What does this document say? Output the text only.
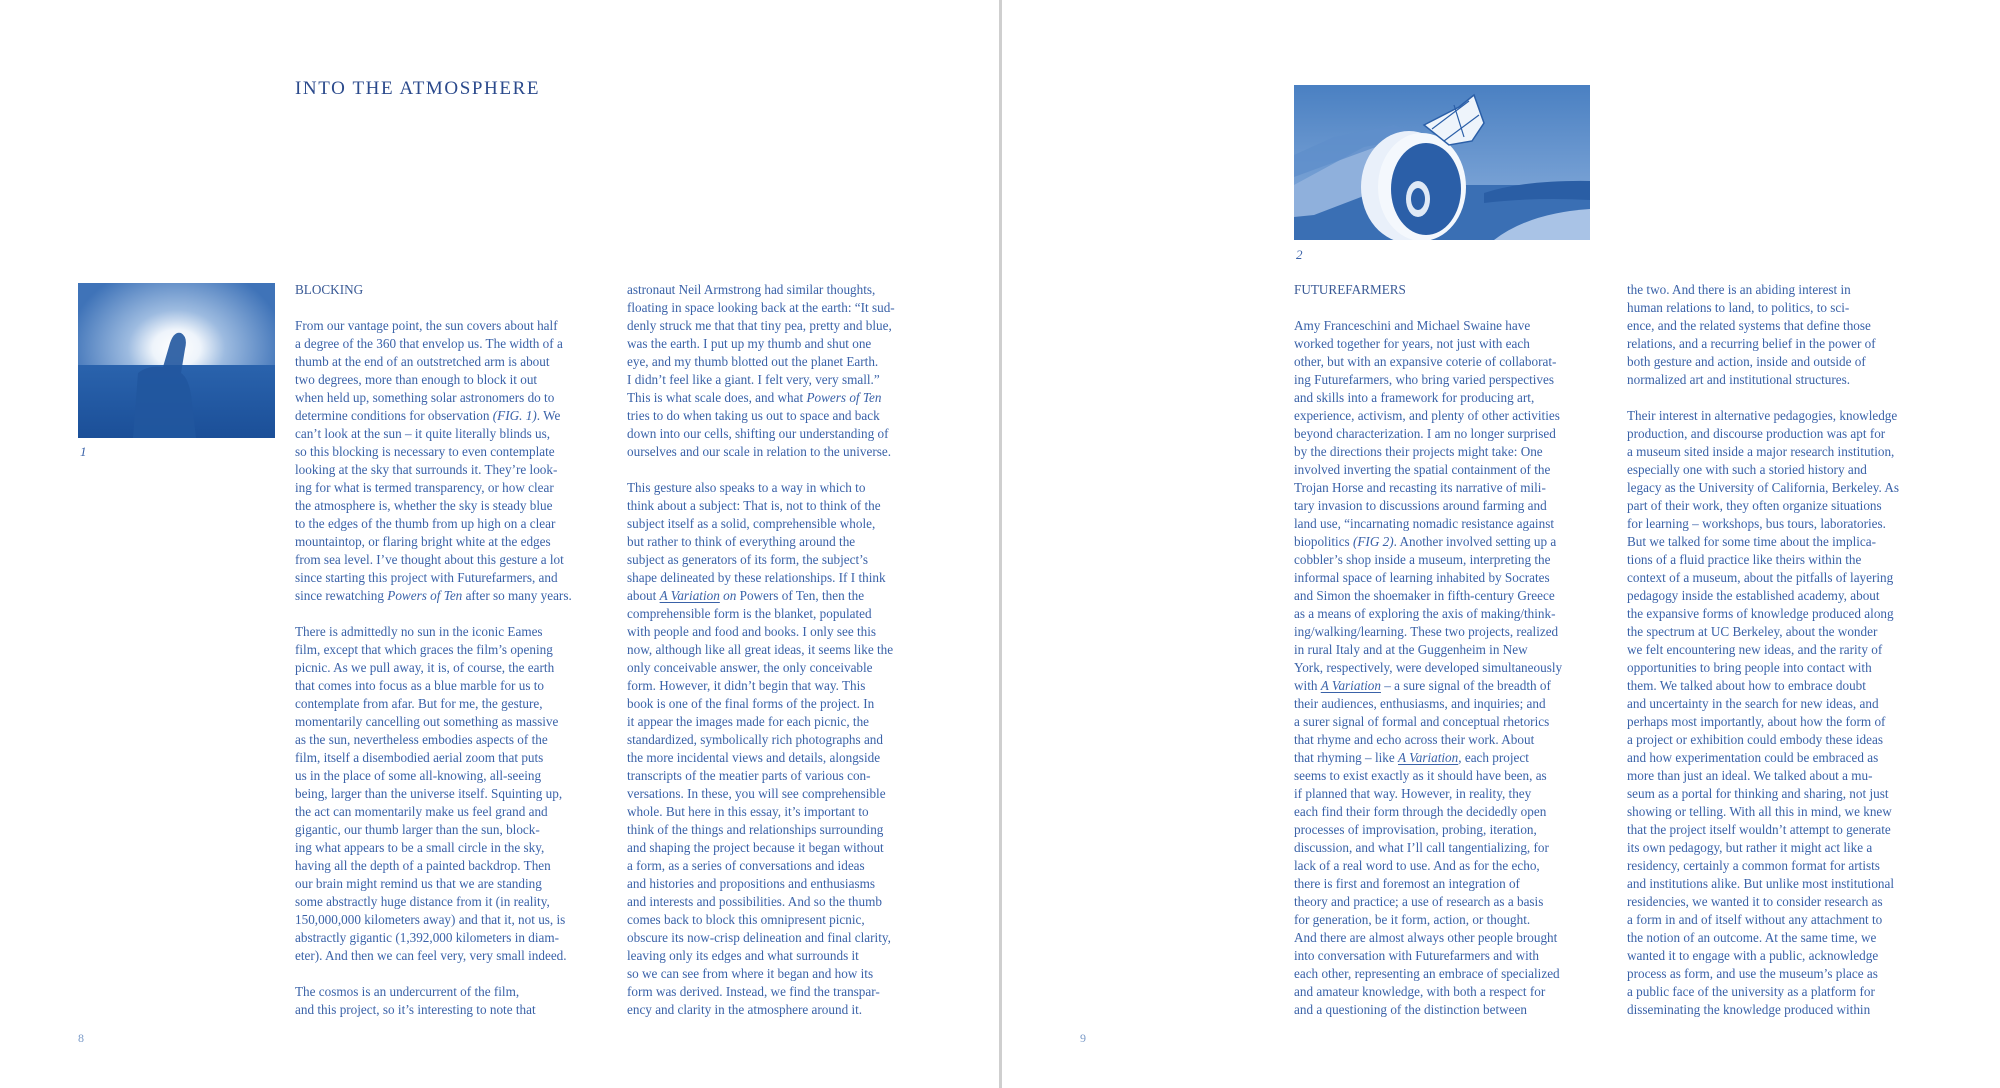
INTO THE ATMOSPHERE
1
BLOCKING

From our vantage point, the sun covers about half
a degree of the 360 that envelop us. The width of a
thumb at the end of an outstretched arm is about
two degrees, more than enough to block it out
when held up, something solar astronomers do to
determine conditions for observation (FIG. 1). We
can’t look at the sun – it quite literally blinds us,
so this blocking is necessary to even contemplate
looking at the sky that surrounds it. They’re look-
ing for what is termed transparency, or how clear
the atmosphere is, whether the sky is steady blue
to the edges of the thumb from up high on a clear
mountaintop, or flaring bright white at the edges
from sea level. I’ve thought about this gesture a lot
since starting this project with Futurefarmers, and
since rewatching Powers of Ten after so many years.

There is admittedly no sun in the iconic Eames
film, except that which graces the film’s opening
picnic. As we pull away, it is, of course, the earth
that comes into focus as a blue marble for us to
contemplate from afar. But for me, the gesture,
momentarily cancelling out something as massive
as the sun, nevertheless embodies aspects of the
film, itself a disembodied aerial zoom that puts
us in the place of some all-knowing, all-seeing
being, larger than the universe itself. Squinting up,
the act can momentarily make us feel grand and
gigantic, our thumb larger than the sun, block-
ing what appears to be a small circle in the sky,
having all the depth of a painted backdrop. Then
our brain might remind us that we are standing
some abstractly huge distance from it (in reality,
150,000,000 kilometers away) and that it, not us, is
abstractly gigantic (1,392,000 kilometers in diam-
eter). And then we can feel very, very small indeed.

The cosmos is an undercurrent of the film,
and this project, so it’s interesting to note that

astronaut Neil Armstrong had similar thoughts,
floating in space looking back at the earth: “It sud-
denly struck me that that tiny pea, pretty and blue,
was the earth. I put up my thumb and shut one
eye, and my thumb blotted out the planet Earth.
I didn’t feel like a giant. I felt very, very small.”
This is what scale does, and what Powers of Ten
tries to do when taking us out to space and back
down into our cells, shifting our understanding of
ourselves and our scale in relation to the universe.

This gesture also speaks to a way in which to
think about a subject: That is, not to think of the
subject itself as a solid, comprehensible whole,
but rather to think of everything around the
subject as generators of its form, the subject’s
shape delineated by these relationships. If I think
about A Variation on Powers of Ten, then the
comprehensible form is the blanket, populated
with people and food and books. I only see this
now, although like all great ideas, it seems like the
only conceivable answer, the only conceivable
form. However, it didn’t begin that way. This
book is one of the final forms of the project. In
it appear the images made for each picnic, the
standardized, symbolically rich photographs and
the more incidental views and details, alongside
transcripts of the meatier parts of various con-
versations. In these, you will see comprehensible
whole. But here in this essay, it’s important to
think of the things and relationships surrounding
and shaping the project because it began without
a form, as a series of conversations and ideas
and histories and propositions and enthusiasms
and interests and possibilities. And so the thumb
comes back to block this omnipresent picnic,
obscure its now-crisp delineation and final clarity,
leaving only its edges and what surrounds it
so we can see from where it began and how its
form was derived. Instead, we find the transpar-
ency and clarity in the atmosphere around it.

8
2
FUTUREFARMERS

Amy Franceschini and Michael Swaine have
worked together for years, not just with each
other, but with an expansive coterie of collaborat-
ing Futurefarmers, who bring varied perspectives
and skills into a framework for producing art,
experience, activism, and plenty of other activities
beyond characterization. I am no longer surprised
by the directions their projects might take: One
involved inverting the spatial containment of the
Trojan Horse and recasting its narrative of mili-
tary invasion to discussions around farming and
land use, “incarnating nomadic resistance against
biopolitics (FIG 2). Another involved setting up a
cobbler’s shop inside a museum, interpreting the
informal space of learning inhabited by Socrates
and Simon the shoemaker in fifth-century Greece
as a means of exploring the axis of making/think-
ing/walking/learning. These two projects, realized
in rural Italy and at the Guggenheim in New
York, respectively, were developed simultaneously
with A Variation – a sure signal of the breadth of
their audiences, enthusiasms, and inquiries; and
a surer signal of formal and conceptual rhetorics
that rhyme and echo across their work. About
that rhyming – like A Variation, each project
seems to exist exactly as it should have been, as
if planned that way. However, in reality, they
each find their form through the decidedly open
processes of improvisation, probing, iteration,
discussion, and what I’ll call tangentializing, for
lack of a real word to use. And as for the echo,
there is first and foremost an integration of
theory and practice; a use of research as a basis
for generation, be it form, action, or thought.
And there are almost always other people brought
into conversation with Futurefarmers and with
each other, representing an embrace of specialized
and amateur knowledge, with both a respect for
and a questioning of the distinction between

the two. And there is an abiding interest in
human relations to land, to politics, to sci-
ence, and the related systems that define those
relations, and a recurring belief in the power of
both gesture and action, inside and outside of
normalized art and institutional structures.

Their interest in alternative pedagogies, knowledge
production, and discourse production was apt for
a museum sited inside a major research institution,
especially one with such a storied history and
legacy as the University of California, Berkeley. As
part of their work, they often organize situations
for learning – workshops, bus tours, laboratories.
But we talked for some time about the implica-
tions of a fluid practice like theirs within the
context of a museum, about the pitfalls of layering
pedagogy inside the established academy, about
the expansive forms of knowledge produced along
the spectrum at UC Berkeley, about the wonder
we felt encountering new ideas, and the rarity of
opportunities to bring people into contact with
them. We talked about how to embrace doubt
and uncertainty in the search for new ideas, and
perhaps most importantly, about how the form of
a project or exhibition could embody these ideas
and how experimentation could be embraced as
more than just an ideal. We talked about a mu-
seum as a portal for thinking and sharing, not just
showing or telling. With all this in mind, we knew
that the project itself wouldn’t attempt to generate
its own pedagogy, but rather it might act like a
residency, certainly a common format for artists
and institutions alike. But unlike most institutional
residencies, we wanted it to consider research as
a form in and of itself without any attachment to
the notion of an outcome. At the same time, we
wanted it to engage with a public, acknowledge
process as form, and use the museum’s place as
a public face of the university as a platform for
disseminating the knowledge produced within

9
